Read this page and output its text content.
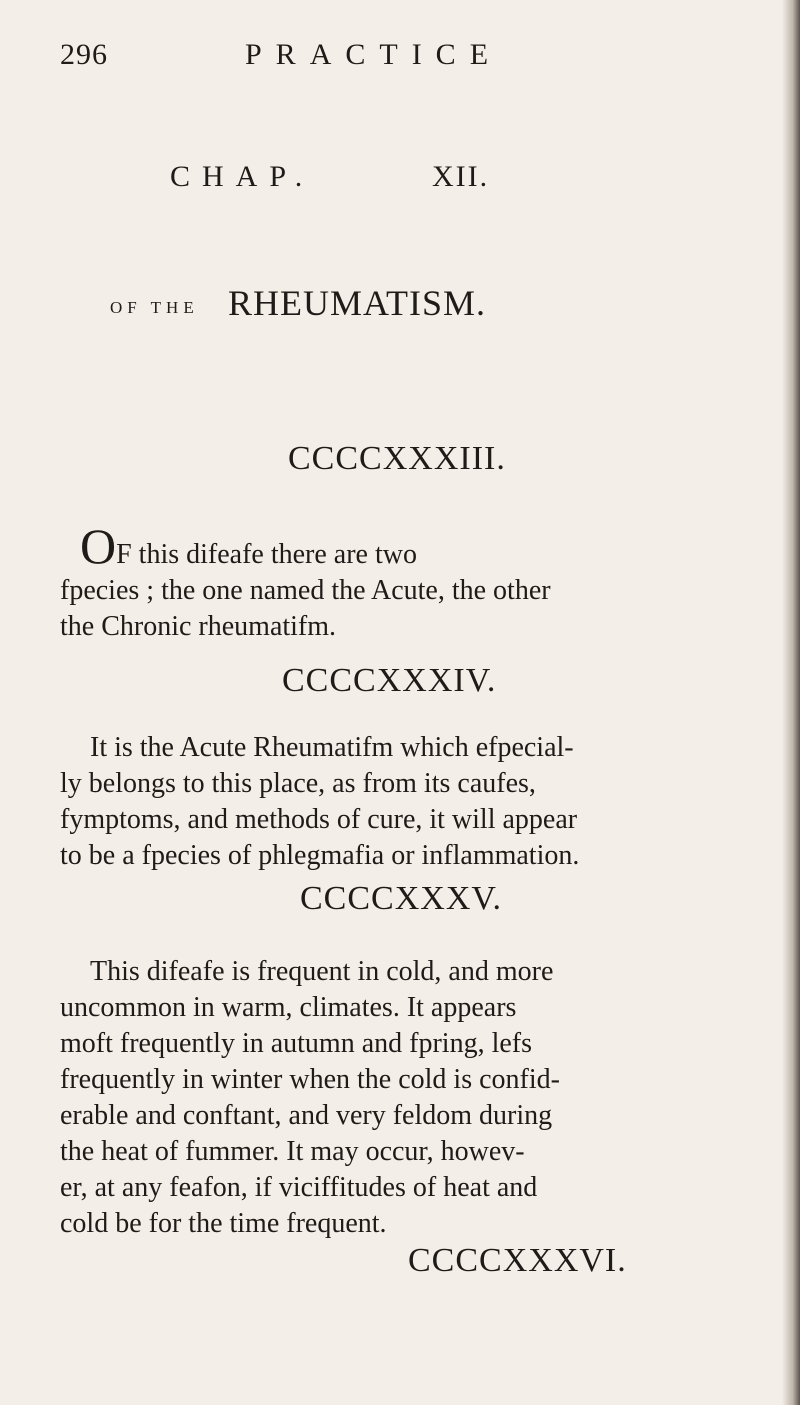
296	PRACTICE
CHAP.	XII.
OF THE RHEUMATISM.
CCCCXXXIII.
OF this difeafe there are two
fpecies ; the one named the Acute, the other
the Chronic rheumatifm.
CCCCXXXIV.
It is the Acute Rheumatifm which efpecial-
ly belongs to this place, as from its caufes,
fymptoms, and methods of cure, it will appear
to be a fpecies of phlegmafia or inflammation.
CCCCXXXV.
This difeafe is frequent in cold, and more
uncommon in warm, climates. It appears
moft frequently in autumn and fpring, lefs
frequently in winter when the cold is confid-
erable and conftant, and very feldom during
the heat of fummer. It may occur, howev-
er, at any feafon, if viciffitudes of heat and
cold be for the time frequent.
CCCCXXXVI.
